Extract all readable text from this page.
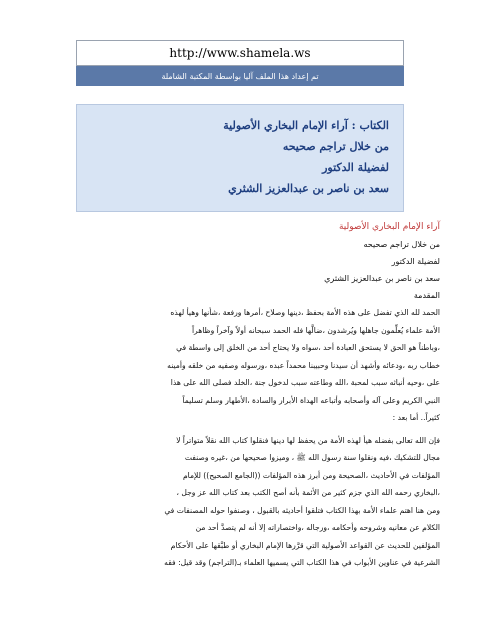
http://www.shamela.ws
تم إعداد هذا الملف آليا بواسطة المكتبة الشاملة
الكتاب : آراء الإمام البخاري الأصولية
من خلال تراجم صحيحه
لفضيلة الدكتور
سعد بن ناصر بن عبدالعزيز الشثري
آراء الإمام البخاري الأصولية
من خلال تراجم صحيحه
لفضيلة الدكتور
سعد بن ناصر بن عبدالعزيز الشثري
المقدمة

الحمد لله الذي تفضل على هذه الأمة بحفظ ،دينها وصلاح ،أمرها ورفعة ،شأنها وهيأ لهذه

الأمة علماء يُعلِّمون جاهلها ويُرشدون ،ضالَّها فله الحمد سبحانه أولاً وآخراً وظاهراً

،وباطناً هو الحق لا يستحق العبادة أحد ،سواه ولا يحتاج أحد من الخلق إلى واسطة في

خطاب ربه ،ودعائه وأشهد أن سيدنا وحبيبنا محمداً عبده ،ورسوله وصفيه من خلقه وأمينه

على ،وحيه أنباثه سبب لمحبة ،الله وطاعته سبب لدخول جنة ،الخلد فصلى الله على هذا

النبي الكريم وعلى آله وأصحابه وأتباعه الهداة الأبرار والسادة ،الأطهار وسلم تسليماً

كثيراً.. أما بعد :

فإن الله تعالى بفضله هيأ لهذه الأمة من يحفظ لها دينها فنقلوا كتاب الله نقلاً متواتراً لا

مجال للتشكيك ،فيه ونقلوا سنة رسول الله ﷺ ، وميزوا صحيحها من ،غيره وصنفت

المؤلفات في الأحاديث ،الصحيحة ومن أبرز هذه المؤلفات ((الجامع الصحيح)) للإمام

،البخاري رحمه الله الذي جزم كثير من الأئمة بأنه أصح الكتب بعد كتاب الله عز وجل ،

ومن هنا اهتم علماء الأمة بهذا الكتاب فتلقوا أحاديثه بالقبول ، وصنفوا حوله المصنفات في

الكلام عن معانيه وشروحه وأحكامه ،ورجاله ،واختصاراته إلا أنه لم يتصدَّ أحد من

المؤلفين للحديث عن القواعد الأصولية التي قرَّرها الإمام البخاري أو طبَّقها على الأحكام

الشرعية في عناوين الأبواب في هذا الكتاب التي يسميها العلماء بـ(التراجم) وقد قيل: فقه
